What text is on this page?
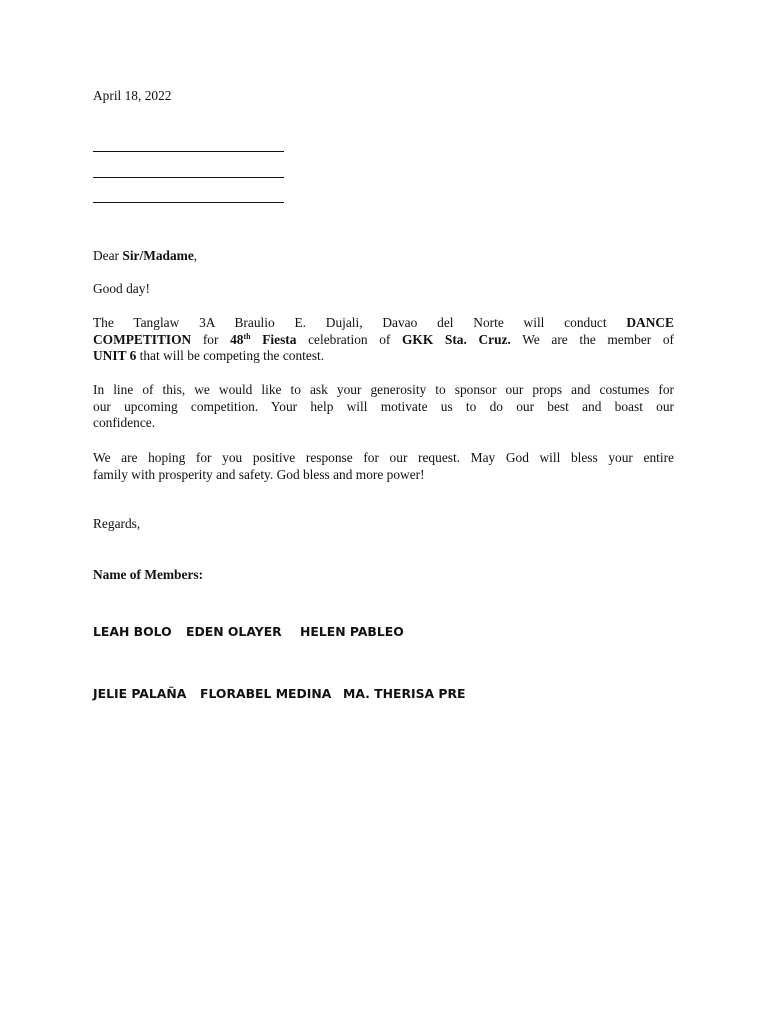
April 18, 2022

Dear Sir/Madame,

Good day!

The Tanglaw 3A Braulio E. Dujali, Davao del Norte will conduct DANCE
COMPETITION for 48th Fiesta celebration of GKK Sta. Cruz. We are the member of
UNIT 6 that will be competing the contest.

In line of this, we would like to ask your generosity to sponsor our props and costumes for
our upcoming competition. Your help will motivate us to do our best and boast our
confidence.

We are hoping for you positive response for our request. May God will bless your entire
family with prosperity and safety. God bless and more power!

Regards,

Name of Members:

LEAH BOLO EDEN OLAYER HELEN PABLEO
JELIE PALAÑA FLORABEL MEDINA MA. THERISA PRE
